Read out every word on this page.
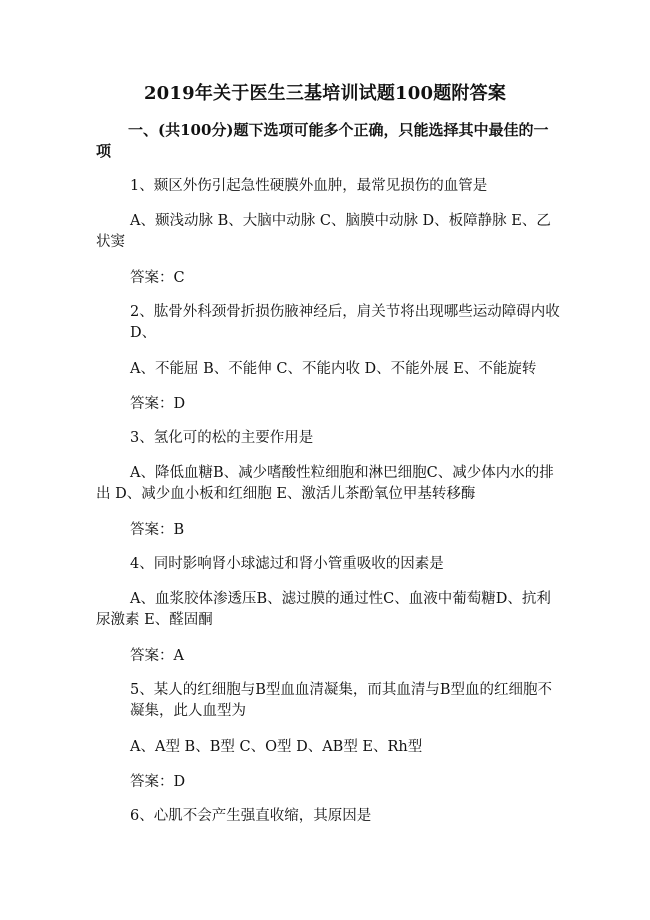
2019年关于医生三基培训试题100题附答案
一、(共100分)题下选项可能多个正确，只能选择其中最佳的一项
1、颞区外伤引起急性硬膜外血肿，最常见损伤的血管是
A、颞浅动脉 B、大脑中动脉 C、脑膜中动脉 D、板障静脉 E、乙状窦
答案：C
2、肱骨外科颈骨折损伤腋神经后，肩关节将出现哪些运动障碍内收 D、
A、不能屈 B、不能伸 C、不能内收 D、不能外展 E、不能旋转
答案：D
3、氢化可的松的主要作用是
A、降低血糖B、减少嗜酸性粒细胞和淋巴细胞C、减少体内水的排出 D、减少血小板和红细胞 E、激活儿茶酚氧位甲基转移酶
答案：B
4、同时影响肾小球滤过和肾小管重吸收的因素是
A、血浆胶体渗透压B、滤过膜的通过性C、血液中葡萄糖D、抗利尿激素 E、醛固酮
答案：A
5、某人的红细胞与B型血血清凝集，而其血清与B型血的红细胞不凝集，此人血型为
A、A型 B、B型 C、O型 D、AB型 E、Rh型
答案：D
6、心肌不会产生强直收缩，其原因是
